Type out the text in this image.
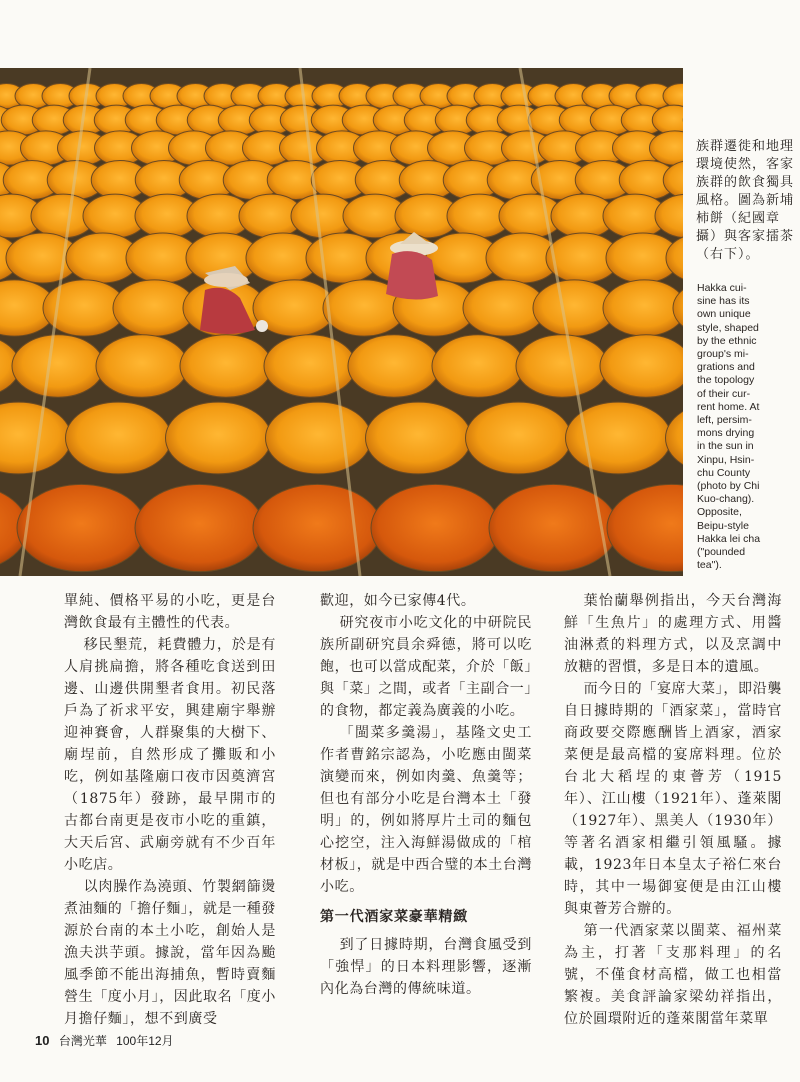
族群遷徙和地理環境使然，客家族群的飲食獨具風格。圖為新埔柿餅（紀國章攝）與客家擂茶（右下）。

Hakka cui-
sine has its
own unique
style, shaped
by the ethnic
group's mi-
grations and
the topology
of their cur-
rent home. At
left, persim-
mons drying
in the sun in
Xinpu, Hsin-
chu County
(photo by Chi
Kuo-chang).
Opposite,
Beipu-style
Hakka lei cha
("pounded
tea").

單純、價格平易的小吃，更是台灣飲食最有主體性的代表。

移民墾荒，耗費體力，於是有人肩挑扁擔，將各種吃食送到田邊、山邊供開墾者食用。初民落戶為了祈求平安，興建廟宇舉辦迎神賽會，人群聚集的大樹下、廟埕前，自然形成了攤販和小吃，例如基隆廟口夜市因奠濟宮（1875年）發跡，最早開市的古都台南更是夜市小吃的重鎮，大天后宮、武廟旁就有不少百年小吃店。

以肉臊作為澆頭、竹製網篩燙煮油麵的「擔仔麵」，就是一種發源於台南的本土小吃，創始人是漁夫洪芋頭。據說，當年因為颱風季節不能出海捕魚，暫時賣麵營生「度小月」，因此取名「度小月擔仔麵」，想不到廣受

歡迎，如今已家傳4代。

研究夜市小吃文化的中研院民族所副研究員余舜德，將可以吃飽，也可以當成配菜，介於「飯」與「菜」之間，或者「主副合一」的食物，都定義為廣義的小吃。

「閩菜多羹湯」，基隆文史工作者曹銘宗認為，小吃應由閩菜演變而來，例如肉羹、魚羹等；但也有部分小吃是台灣本土「發明」的，例如將厚片土司的麵包心挖空，注入海鮮湯做成的「棺材板」，就是中西合璧的本土台灣小吃。

第一代酒家菜豪華精緻

到了日據時期，台灣食風受到「強悍」的日本料理影響，逐漸內化為台灣的傳統味道。

葉怡蘭舉例指出，今天台灣海鮮「生魚片」的處理方式、用醬油淋煮的料理方式，以及烹調中放糖的習慣，多是日本的遺風。

而今日的「宴席大菜」，即沿襲自日據時期的「酒家菜」，當時官商政要交際應酬皆上酒家，酒家菜便是最高檔的宴席料理。位於台北大稻埕的東薈芳（1915年）、江山樓（1921年）、蓬萊閣（1927年）、黑美人（1930年）等著名酒家相繼引領風騷。據載，1923年日本皇太子裕仁來台時，其中一場御宴便是由江山樓與東薈芳合辦的。

第一代酒家菜以閩菜、福州菜為主，打著「支那料理」的名號，不僅食材高檔，做工也相當繁複。美食評論家梁幼祥指出，位於圓環附近的蓬萊閣當年菜單

10 台灣光華 100年12月
